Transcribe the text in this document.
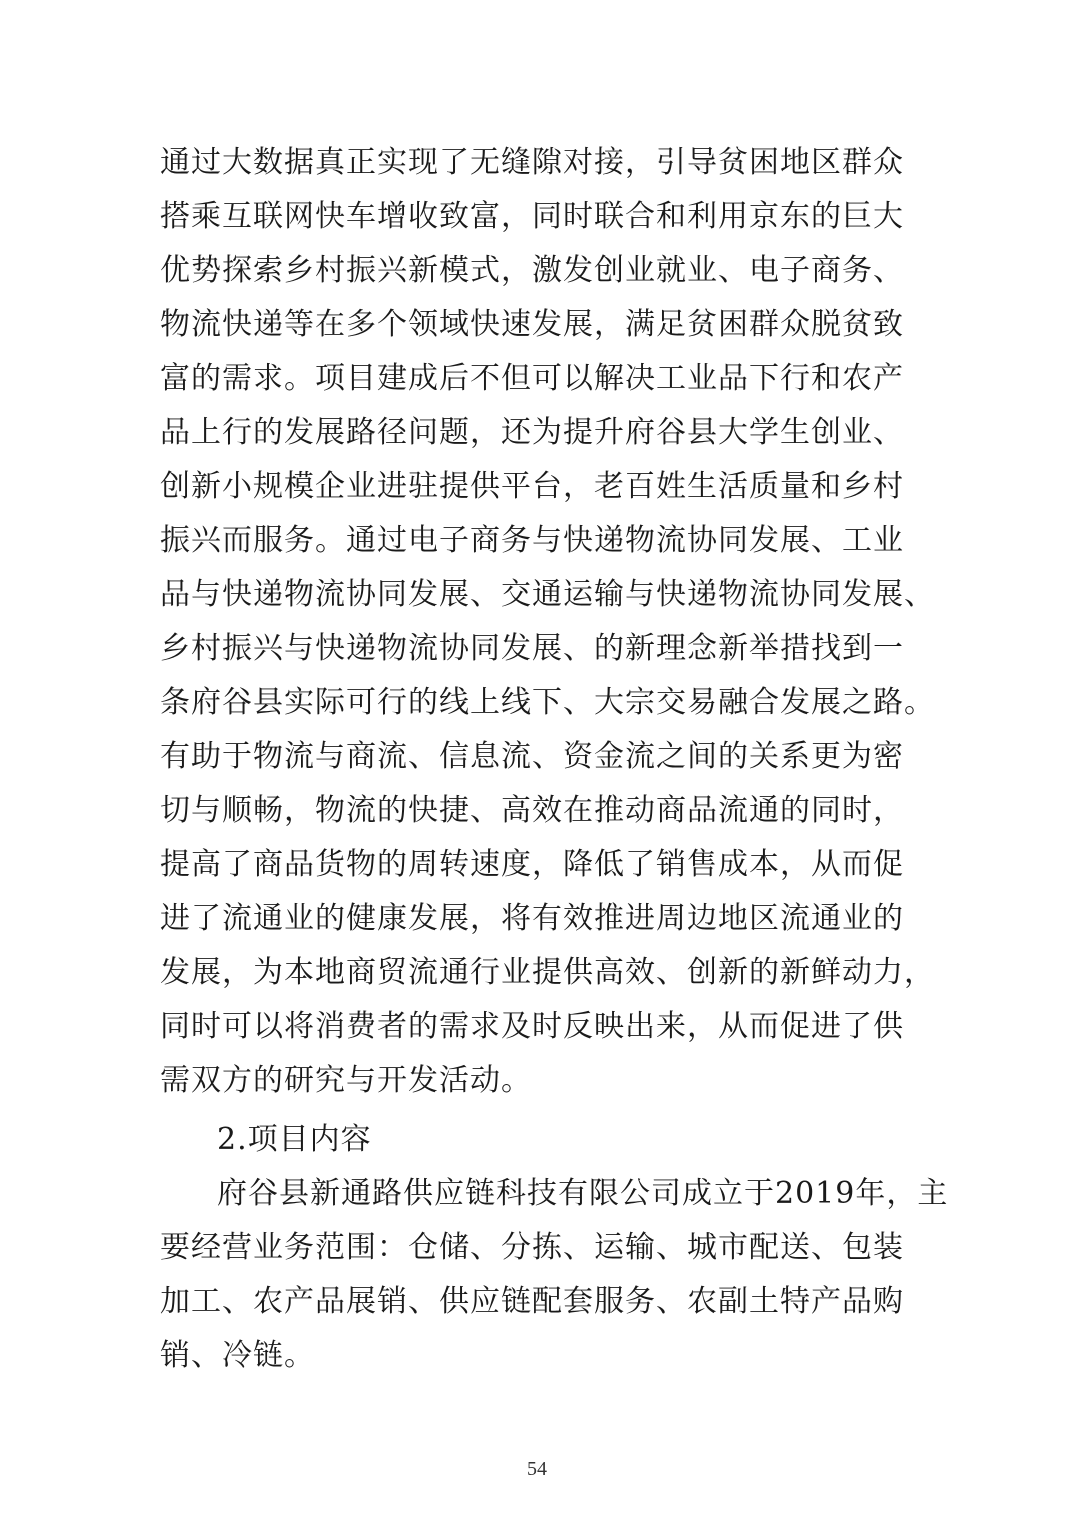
通过大数据真正实现了无缝隙对接，引导贫困地区群众
搭乘互联网快车增收致富，同时联合和利用京东的巨大
优势探索乡村振兴新模式，激发创业就业、电子商务、
物流快递等在多个领域快速发展，满足贫困群众脱贫致
富的需求。项目建成后不但可以解决工业品下行和农产
品上行的发展路径问题，还为提升府谷县大学生创业、
创新小规模企业进驻提供平台，老百姓生活质量和乡村
振兴而服务。通过电子商务与快递物流协同发展、工业
品与快递物流协同发展、交通运输与快递物流协同发展、
乡村振兴与快递物流协同发展、的新理念新举措找到一
条府谷县实际可行的线上线下、大宗交易融合发展之路。
有助于物流与商流、信息流、资金流之间的关系更为密
切与顺畅，物流的快捷、高效在推动商品流通的同时，
提高了商品货物的周转速度，降低了销售成本，从而促
进了流通业的健康发展，将有效推进周边地区流通业的
发展，为本地商贸流通行业提供高效、创新的新鲜动力，
同时可以将消费者的需求及时反映出来，从而促进了供
需双方的研究与开发活动。
2.项目内容
府谷县新通路供应链科技有限公司成立于2019年，主
要经营业务范围：仓储、分拣、运输、城市配送、包装
加工、农产品展销、供应链配套服务、农副土特产品购
销、冷链。
54
